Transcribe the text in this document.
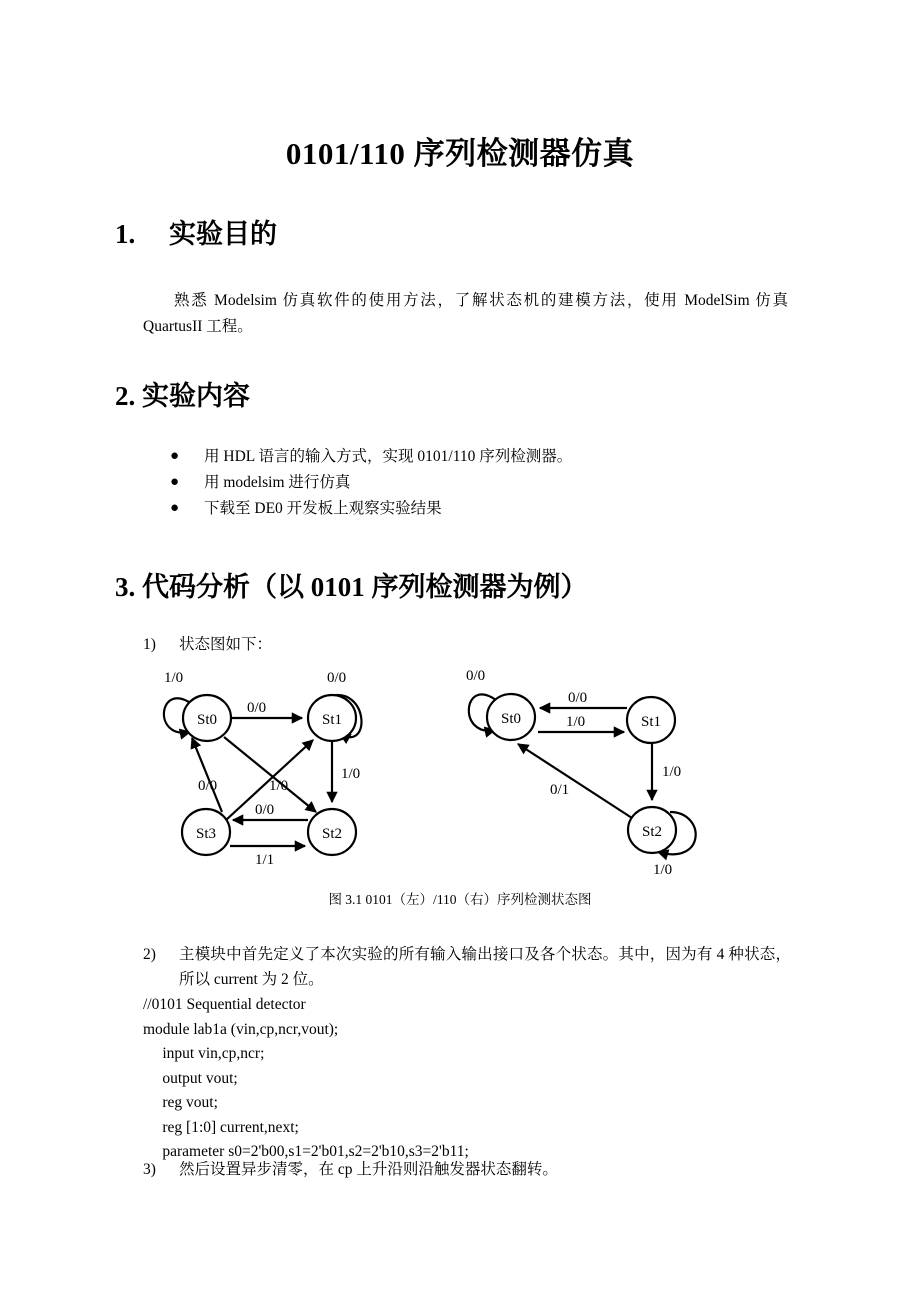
0101/110 序列检测器仿真
1.	实验目的
熟悉 Modelsim 仿真软件的使用方法，了解状态机的建模方法，使用 ModelSim 仿真 QuartusII 工程。
2. 实验内容
●	用 HDL 语言的输入方式，实现 0101/110 序列检测器。
●	用 modelsim 进行仿真
●	下载至 DE0 开发板上观察实验结果
3. 代码分析（以 0101 序列检测器为例）
1)	状态图如下：
1/0	0/0
0/0
1/0
1/0
0/0
0/0
1/1
St0	St1
St3	St2
0/0
0/0
1/0
1/0
0/1
1/0
St0	St1
St2
图 3.1 0101（左）/110（右）序列检测状态图
2)	主模块中首先定义了本次实验的所有输入输出接口及各个状态。其中，因为有 4 种状态，所以 current 为 2 位。
//0101 Sequential detector
module lab1a (vin,cp,ncr,vout);
input vin,cp,ncr;
output vout;
reg vout;
reg [1:0] current,next;
parameter s0=2'b00,s1=2'b01,s2=2'b10,s3=2'b11;
3)	然后设置异步清零，在 cp 上升沿则沿触发器状态翻转。
